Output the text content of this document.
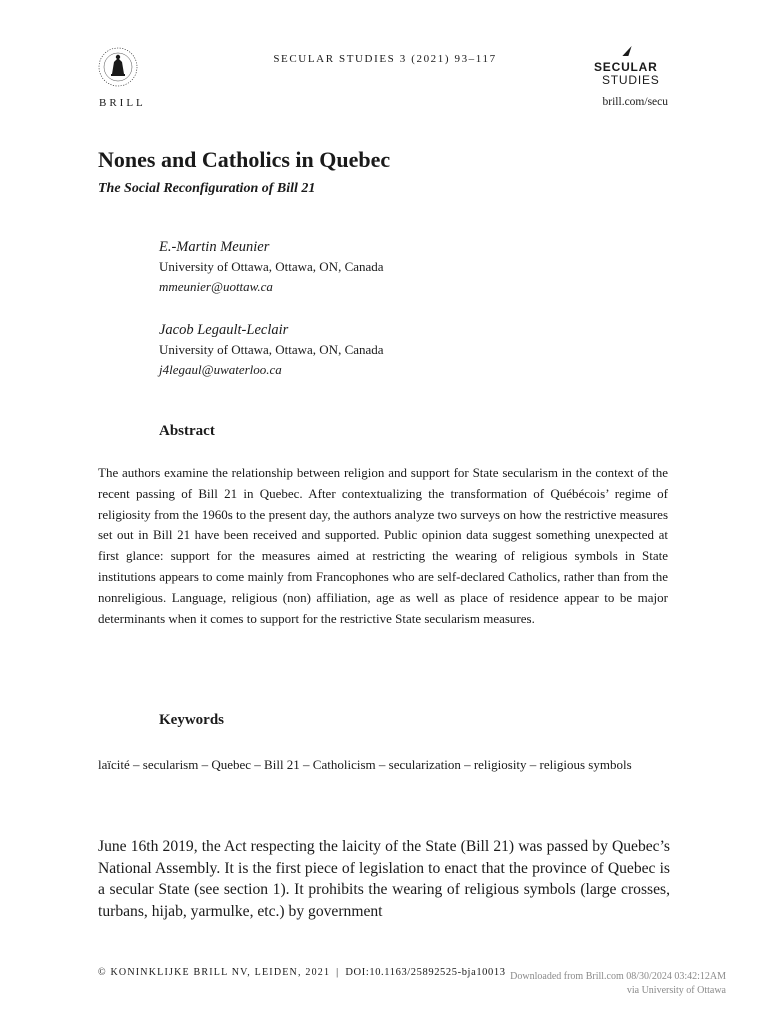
BRILL
SECULAR STUDIES 3 (2021) 93–117
SECULAR
STUDIES
brill.com/secu
Nones and Catholics in Quebec
The Social Reconfiguration of Bill 21
E.-Martin Meunier
University of Ottawa, Ottawa, ON, Canada
mmeunier@uottaw.ca
Jacob Legault-Leclair
University of Ottawa, Ottawa, ON, Canada
j4legaul@uwaterloo.ca
Abstract

The authors examine the relationship between religion and support for State secularism in the context of the recent passing of Bill 21 in Quebec. After contextualizing the transformation of Québécois’ regime of religiosity from the 1960s to the present day, the authors analyze two surveys on how the restrictive measures set out in Bill 21 have been received and supported. Public opinion data suggest something unexpected at first glance: support for the measures aimed at restricting the wearing of religious symbols in State institutions appears to come mainly from Francophones who are self-declared Catholics, rather than from the nonreligious. Language, religious (non) affiliation, age as well as place of residence appear to be major determinants when it comes to support for the restrictive State secularism measures.

Keywords

laïcité – secularism – Quebec – Bill 21 – Catholicism – secularization – religiosity – religious symbols

June 16th 2019, the Act respecting the laicity of the State (Bill 21) was passed by Quebec’s National Assembly. It is the first piece of legislation to enact that the province of Quebec is a secular State (see section 1). It prohibits the wearing of religious symbols (large crosses, turbans, hijab, yarmulke, etc.) by government

© KONINKLIJKE BRILL NV, LEIDEN, 2021 | DOI:10.1163/25892525-bja10013 Downloaded from Brill.com 08/30/2024 03:42:12AM
via University of Ottawa
